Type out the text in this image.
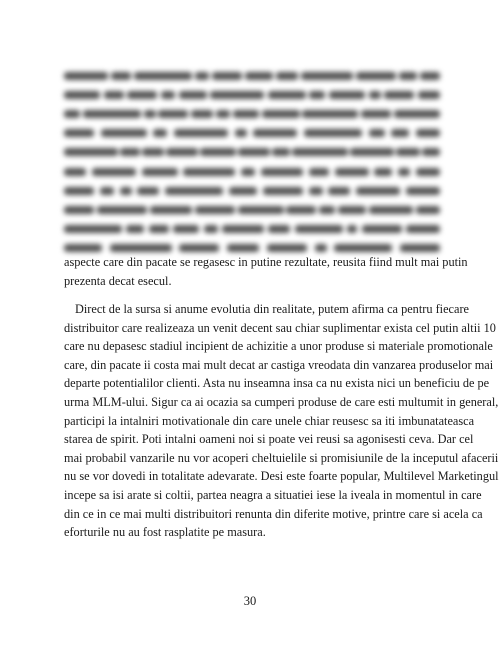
aspecte care din pacate se regasesc in putine rezultate, reusita fiind mult mai putin

prezenta decat esecul.

Direct de la sursa si anume evolutia din realitate, putem afirma ca pentru fiecare

distribuitor care realizeaza un venit decent sau chiar suplimentar exista cel putin altii 10

care nu depasesc stadiul incipient de achizitie a unor produse si materiale promotionale

care, din pacate ii costa mai mult decat ar castiga vreodata din vanzarea produselor mai

departe potentialilor clienti. Asta nu inseamna insa ca nu exista nici un beneficiu de pe

urma MLM-ului. Sigur ca ai ocazia sa cumperi produse de care esti multumit in general,

participi la intalniri motivationale din care unele chiar reusesc sa iti imbunatateasca

starea de spirit. Poti intalni oameni noi si poate vei reusi sa agonisesti ceva. Dar cel

mai probabil vanzarile nu vor acoperi cheltuielile si promisiunile de la inceputul afacerii

nu se vor dovedi in totalitate adevarate. Desi este foarte popular, Multilevel Marketingul

incepe sa isi arate si coltii, partea neagra a situatiei iese la iveala in momentul in care

din ce in ce mai multi distribuitori renunta din diferite motive, printre care si acela ca

eforturile nu au fost rasplatite pe masura.

30
